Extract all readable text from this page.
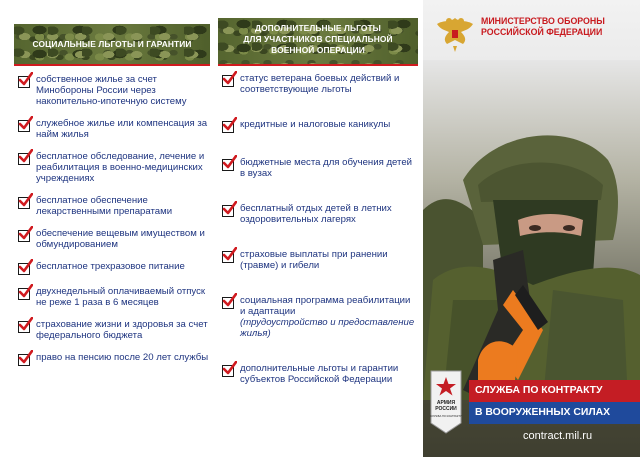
СОЦИАЛЬНЫЕ ЛЬГОТЫ И ГАРАНТИИ
собственное жилье за счет Минобороны России через накопительно-ипотечную систему
служебное жилье или компенсация за найм жилья
бесплатное обследование, лечение и реабилитация в военно-медицинских учреждениях
бесплатное обеспечение лекарственными препаратами
обеспечение вещевым имуществом и обмундированием
бесплатное трехразовое питание
двухнедельный оплачиваемый отпуск не реже 1 раза в 6 месяцев
страхование жизни и здоровья за счет федерального бюджета
право на пенсию после 20 лет службы
ДОПОЛНИТЕЛЬНЫЕ ЛЬГОТЫ
ДЛЯ УЧАСТНИКОВ СПЕЦИАЛЬНОЙ
ВОЕННОЙ ОПЕРАЦИИ
статус ветерана боевых действий и соответствующие льготы
кредитные и налоговые каникулы
бюджетные места для обучения детей в вузах
бесплатный отдых детей в летних оздоровительных лагерях
страховые выплаты при ранении (травме) и гибели
социальная программа реабилитации и адаптации
(трудоустройство и предоставление жилья)
дополнительные льготы и гарантии субъектов Российской Федерации
МИНИСТЕРСТВО ОБОРОНЫ
РОССИЙСКОЙ ФЕДЕРАЦИИ
АРМИЯ
РОССИИ
СЛУЖБА ПО КОНТРАКТУ
СЛУЖБА ПО КОНТРАКТУ
В ВООРУЖЕННЫХ СИЛАХ
contract.mil.ru
